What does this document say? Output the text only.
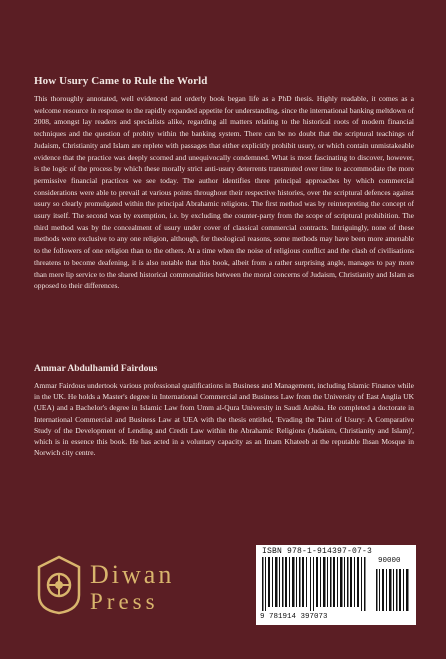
How Usury Came to Rule the World

This thoroughly annotated, well evidenced and orderly book began life as a PhD thesis. Highly readable, it comes as a welcome resource in response to the rapidly expanded appetite for understanding, since the international banking meltdown of 2008, amongst lay readers and specialists alike, regarding all matters relating to the historical roots of modern financial techniques and the question of probity within the banking system. There can be no doubt that the scriptural teachings of Judaism, Christianity and Islam are replete with passages that either explicitly prohibit usury, or which contain unmistakeable evidence that the practice was deeply scorned and unequivocally condemned. What is most fascinating to discover, however, is the logic of the process by which these morally strict anti-usury deterrents transmuted over time to accommodate the more permissive financial practices we see today. The author identifies three principal approaches by which commercial considerations were able to prevail at various points throughout their respective histories, over the scriptural defences against usury so clearly promulgated within the principal Abrahamic religions. The first method was by reinterpreting the concept of usury itself. The second was by exemption, i.e. by excluding the counter-party from the scope of scriptural prohibition. The third method was by the concealment of usury under cover of classical commercial contracts. Intriguingly, none of these methods were exclusive to any one religion, although, for theological reasons, some methods may have been more amenable to the followers of one religion than to the others. At a time when the noise of religious conflict and the clash of civilisations threatens to become deafening, it is also notable that this book, albeit from a rather surprising angle, manages to pay more than mere lip service to the shared historical commonalities between the moral concerns of Judaism, Christianity and Islam as opposed to their differences.

Ammar Abdulhamid Fairdous

Ammar Fairdous undertook various professional qualifications in Business and Management, including Islamic Finance while in the UK. He holds a Master's degree in International Commercial and Business Law from the University of East Anglia UK (UEA) and a Bachelor's degree in Islamic Law from Umm al-Qura University in Saudi Arabia. He completed a doctorate in International Commercial and Business Law at UEA with the thesis entitled, 'Evading the Taint of Usury: A Comparative Study of the Development of Lending and Credit Law within the Abrahamic Religions (Judaism, Christianity and Islam)', which is in essence this book. He has acted in a voluntary capacity as an Imam Khateeb at the reputable Ihsan Mosque in Norwich city centre.

Diwan
Press
ISBN 978-1-914397-07-3
90000
9 781914 397073
